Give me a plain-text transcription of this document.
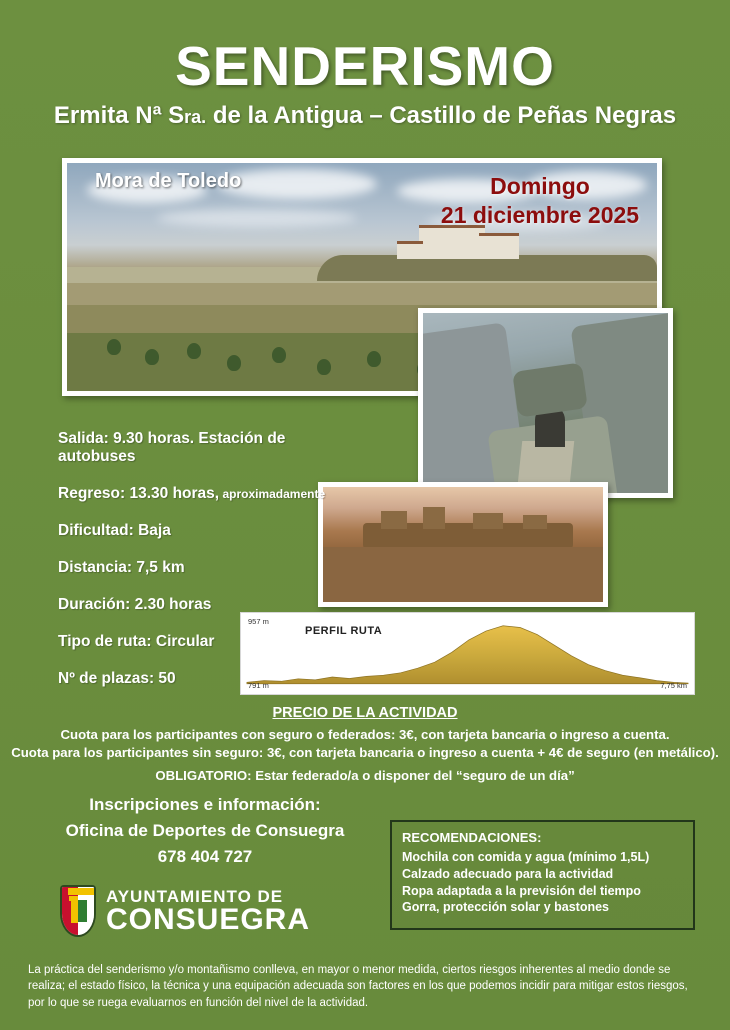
SENDERISMO
Ermita Nª Sra. de la Antigua – Castillo de Peñas Negras
Mora de Toledo	Domingo
21 diciembre 2025
Salida: 9.30 horas. Estación de autobuses
Regreso: 13.30 horas, aproximadamente
Dificultad: Baja
Distancia: 7,5 km
Duración: 2.30 horas
Tipo de ruta: Circular
Nº de plazas: 50
PERFIL RUTA
957 m
791 m	7,75 km
PRECIO DE LA ACTIVIDAD
Cuota para los participantes con seguro o federados: 3€, con tarjeta bancaria o ingreso a cuenta.
Cuota para los participantes sin seguro: 3€, con tarjeta bancaria o ingreso a cuenta + 4€ de seguro (en metálico).
OBLIGATORIO: Estar federado/a o disponer del “seguro de un día”
Inscripciones e información:
Oficina de Deportes de Consuegra
678 404 727
RECOMENDACIONES:
Mochila con comida y agua (mínimo 1,5L)
Calzado adecuado para la actividad
Ropa adaptada a la previsión del tiempo
Gorra, protección solar y bastones
AYUNTAMIENTO DE
CONSUEGRA
La práctica del senderismo y/o montañismo conlleva, en mayor o menor medida, ciertos riesgos inherentes al medio donde se realiza; el estado físico, la técnica y una equipación adecuada son factores en los que podemos incidir para mitigar estos riesgos, por lo que se ruega evaluarnos en función del nivel de la actividad.
